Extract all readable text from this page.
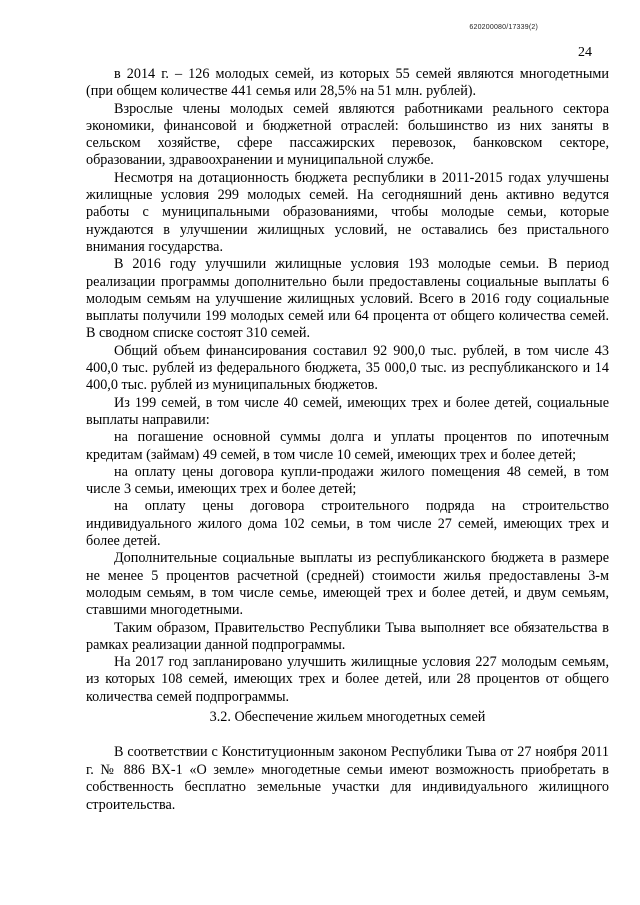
620200080/17339(2)
24

в 2014 г. – 126 молодых семей, из которых 55 семей являются многодетными (при общем количестве 441 семья или 28,5% на 51 млн. рублей).

Взрослые члены молодых семей являются работниками реального сектора экономики, финансовой и бюджетной отраслей: большинство из них заняты в сельском хозяйстве, сфере пассажирских перевозок, банковском секторе, образовании, здравоохранении и муниципальной службе.

Несмотря на дотационность бюджета республики в 2011-2015 годах улучшены жилищные условия 299 молодых семей. На сегодняшний день активно ведутся работы с муниципальными образованиями, чтобы молодые семьи, которые нуждаются в улучшении жилищных условий, не оставались без пристального внимания государства.

В 2016 году улучшили жилищные условия 193 молодые семьи. В период реализации программы дополнительно были предоставлены социальные выплаты 6 молодым семьям на улучшение жилищных условий. Всего в 2016 году социальные выплаты получили 199 молодых семей или 64 процента от общего количества семей. В сводном списке состоят 310 семей.

Общий объем финансирования составил 92 900,0 тыс. рублей, в том числе 43 400,0 тыс. рублей из федерального бюджета, 35 000,0 тыс. из республиканского и 14 400,0 тыс. рублей из муниципальных бюджетов.

Из 199 семей, в том числе 40 семей, имеющих трех и более детей, социальные выплаты направили:

на погашение основной суммы долга и уплаты процентов по ипотечным кредитам (займам) 49 семей, в том числе 10 семей, имеющих трех и более детей;

на оплату цены договора купли-продажи жилого помещения 48 семей, в том числе 3 семьи, имеющих трех и более детей;

на оплату цены договора строительного подряда на строительство индивидуального жилого дома 102 семьи, в том числе 27 семей, имеющих трех и более детей.

Дополнительные социальные выплаты из республиканского бюджета в размере не менее 5 процентов расчетной (средней) стоимости жилья предоставлены 3-м молодым семьям, в том числе семье, имеющей трех и более детей, и двум семьям, ставшими многодетными.

Таким образом, Правительство Республики Тыва выполняет все обязательства в рамках реализации данной подпрограммы.

На 2017 год запланировано улучшить жилищные условия 227 молодым семьям, из которых 108 семей, имеющих трех и более детей, или 28 процентов от общего количества семей подпрограммы.

3.2. Обеспечение жильем многодетных семей

В соответствии с Конституционным законом Республики Тыва от 27 ноября 2011 г. № 886 ВХ-1 «О земле» многодетные семьи имеют возможность приобретать в собственность бесплатно земельные участки для индивидуального жилищного строительства.
